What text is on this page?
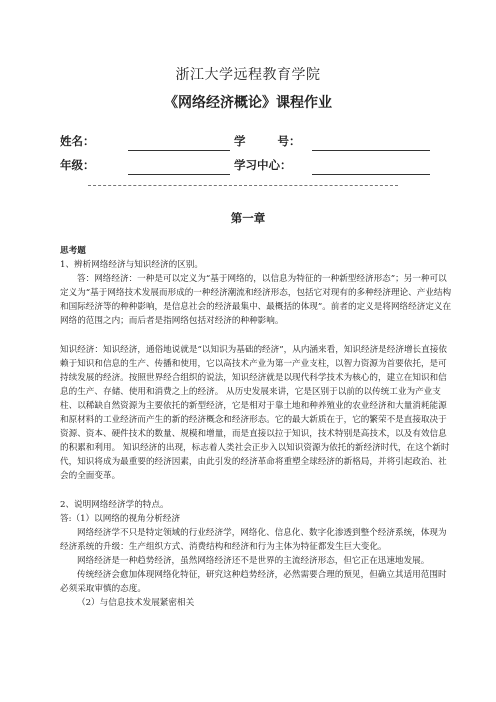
浙江大学远程教育学院
《网络经济概论》课程作业
姓名：	学        号：
年级：	学习中心：
第一章

思考题

1、辨析网络经济与知识经济的区别。

答：网络经济：一种是可以定义为“基于网络的，以信息为特征的一种新型经济形态”；另一种可以定义为“基于网络技术发展而形成的一种经济潮流和经济形态，包括它对现有的多种经济理论、产业结构和国际经济等的种种影响，是信息社会的经济最集中、最概括的体现”。前者的定义是将网络经济定义在网络的范围之内；而后者是指网络包括对经济的种种影响。

知识经济：知识经济，通俗地说就是“以知识为基础的经济”，从内涵来看，知识经济是经济增长直接依赖于知识和信息的生产、传播和使用，它以高技术产业为第一产业支柱，以智力资源为首要依托，是可持续发展的经济。按照世界经合组织的说法，知识经济就是以现代科学技术为核心的，建立在知识和信息的生产、存储、使用和消费之上的经济。 从历史发展来讲，它是区别于以前的以传统工业为产业支柱、以稀缺自然资源为主要依托的新型经济，它是相对于靠土地和种养殖业的农业经济和大量消耗能源和原材料的工业经济而产生的新的经济概念和经济形态。它的最大新质在于，它的繁荣不是直接取决于资源、资本、硬件技术的数量、规模和增量，而是直接以拉于知识，技术特别是高技术，以及有效信息的积累和利用。 知识经济的出现，标志着人类社会正步入以知识资源为依托的新经济时代，在这个新时代，知识将成为最重要的经济因素，由此引发的经济革命将重塑全球经济的新格局，并将引起政治、社会的全面变革。

2、说明网络经济学的特点。

答:（1）以网络的视角分析经济

网络经济学不只是特定领域的行业经济学，网络化、信息化、数字化渗透到整个经济系统，体现为经济系统的升级：生产组织方式、消费结构和经济和行为主体为特征都发生巨大变化。

网络经济是一种趋势经济，虽然网络经济还不是世界的主流经济形态，但它正在迅速地发展。

传统经济会愈加体现网络化特征，研究这种趋势经济，必然需要合理的预见，但确立其适用范围时必须采取审慎的态度。

（2）与信息技术发展紧密相关
